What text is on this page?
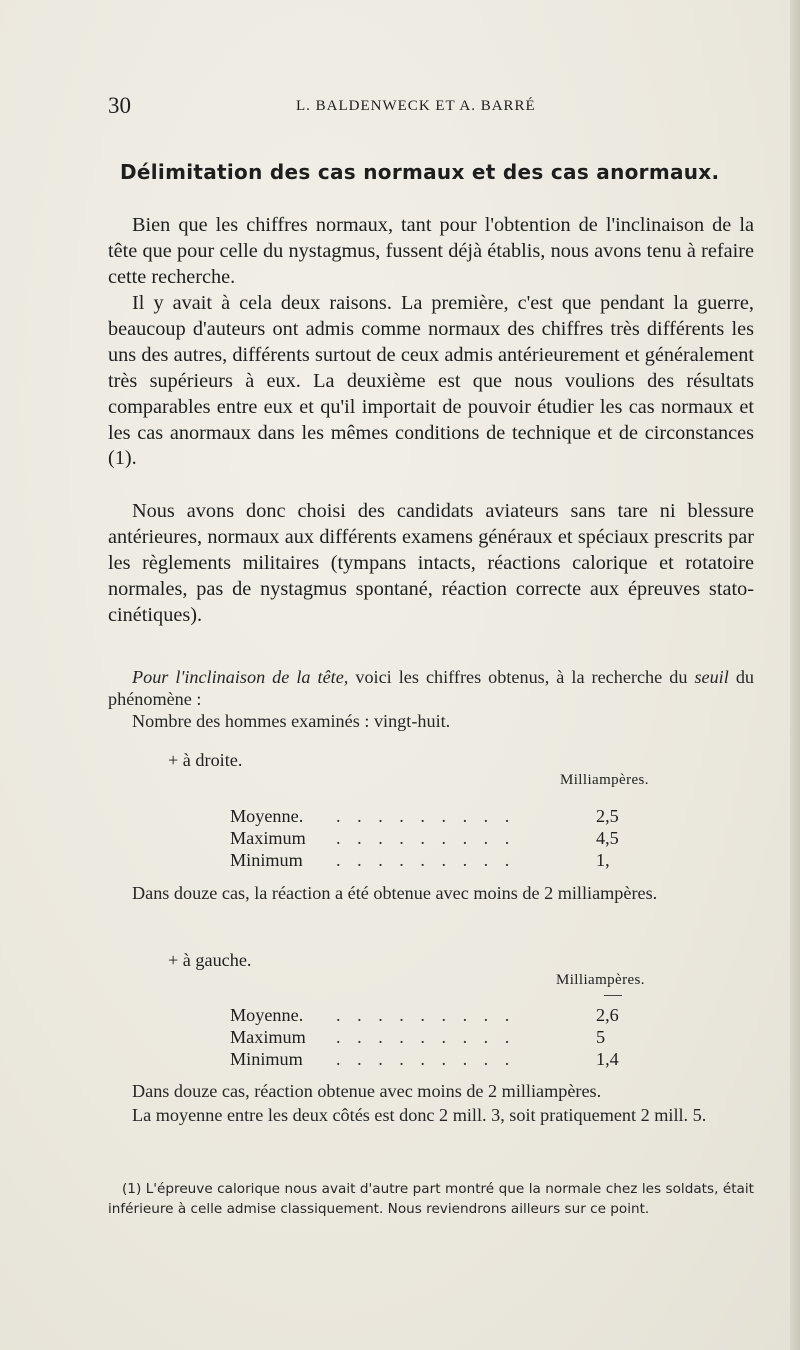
30	L. BALDENWECK ET A. BARRÉ
Délimitation des cas normaux et des cas anormaux.

Bien que les chiffres normaux, tant pour l'obtention de l'inclinaison de la tête que pour celle du nystagmus, fussent déjà établis, nous avons tenu à refaire cette recherche.

Il y avait à cela deux raisons. La première, c'est que pendant la guerre, beaucoup d'auteurs ont admis comme normaux des chiffres très différents les uns des autres, différents surtout de ceux admis antérieurement et généralement très supérieurs à eux. La deuxième est que nous voulions des résultats comparables entre eux et qu'il importait de pouvoir étudier les cas normaux et les cas anormaux dans les mêmes conditions de technique et de circonstances (1).

Nous avons donc choisi des candidats aviateurs sans tare ni blessure antérieures, normaux aux différents examens généraux et spéciaux prescrits par les règlements militaires (tympans intacts, réactions calorique et rotatoire normales, pas de nystagmus spontané, réaction correcte aux épreuves stato-cinétiques).

Pour l'inclinaison de la tête, voici les chiffres obtenus, à la recherche du seuil du phénomène :

Nombre des hommes examinés : vingt-huit.

+ à droite.
Milliampères.
Moyenne. . . . . . . . . .	2,5
Maximum . . . . . . . . .	4,5
Minimum . . . . . . . . .	1,

Dans douze cas, la réaction a été obtenue avec moins de 2 milliampères.

+ à gauche.
Milliampères.
Moyenne. . . . . . . . . .	2,6
Maximum . . . . . . . . .	5
Minimum . . . . . . . . .	1,4

Dans douze cas, réaction obtenue avec moins de 2 milliampères.

La moyenne entre les deux côtés est donc 2 mill. 3, soit pratiquement 2 mill. 5.

(1) L'épreuve calorique nous avait d'autre part montré que la normale chez les soldats, était inférieure à celle admise classiquement. Nous reviendrons ailleurs sur ce point.
